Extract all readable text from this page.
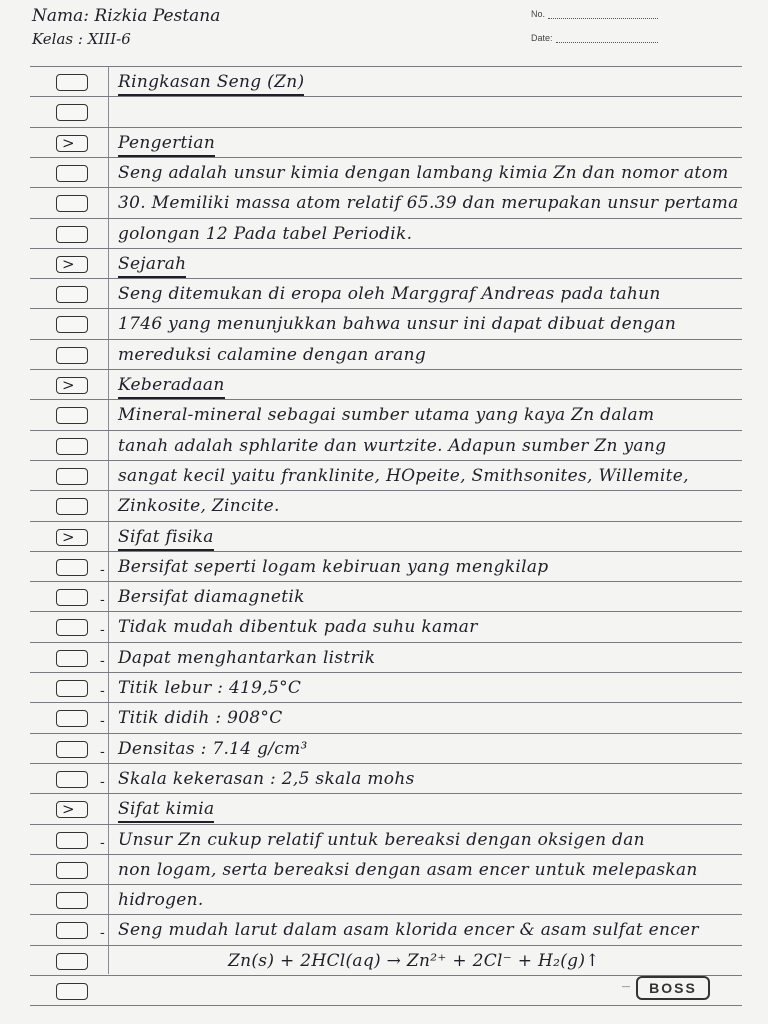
Nama: Rizkia Pestana
Kelas : XIII-6
No.
Date:
Ringkasan Seng (Zn)
>	Pengertian
Seng adalah unsur kimia dengan lambang kimia Zn dan nomor atom
30. Memiliki massa atom relatif 65.39 dan merupakan unsur pertama
golongan 12 Pada tabel Periodik.
>	Sejarah
Seng ditemukan di eropa oleh Marggraf Andreas pada tahun
1746 yang menunjukkan bahwa unsur ini dapat dibuat dengan
mereduksi calamine dengan arang
>	Keberadaan
Mineral-mineral sebagai sumber utama yang kaya Zn dalam
tanah adalah sphlarite dan wurtzite. Adapun sumber Zn yang
sangat kecil yaitu franklinite, HOpeite, Smithsonites, Willemite,
Zinkosite, Zincite.
>	Sifat fisika
- Bersifat seperti logam kebiruan yang mengkilap
- Bersifat diamagnetik
- Tidak mudah dibentuk pada suhu kamar
- Dapat menghantarkan listrik
- Titik lebur : 419,5°C
- Titik didih : 908°C
- Densitas : 7.14 g/cm³
- Skala kekerasan : 2,5 skala mohs
>	Sifat kimia
- Unsur Zn cukup relatif untuk bereaksi dengan oksigen dan
non logam, serta bereaksi dengan asam encer untuk melepaskan
hidrogen.
- Seng mudah larut dalam asam klorida encer & asam sulfat encer
Zn(s) + 2HCl(aq) → Zn²⁺ + 2Cl⁻ + H₂(g)↑
—	BOSS
